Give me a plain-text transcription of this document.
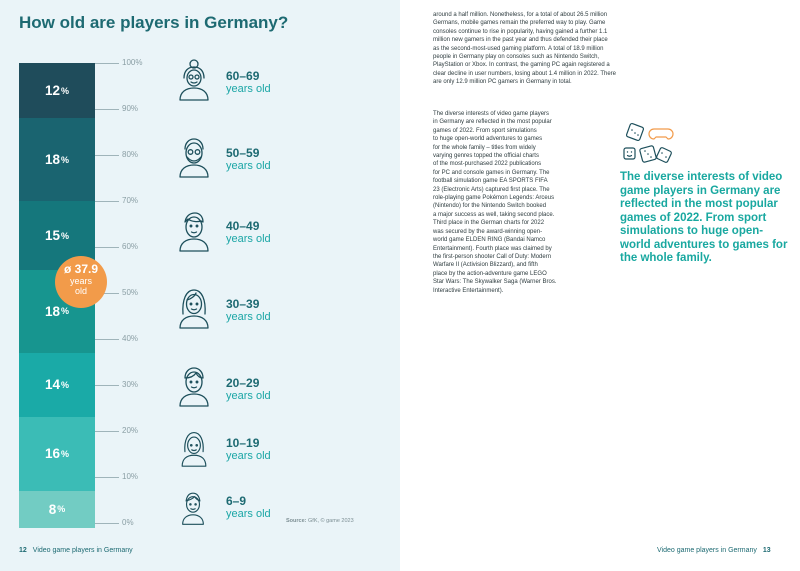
How old are players in Germany?
12 %
18 %
15 %
18 %
14 %
16 %
8 %
0%
10%
20%
30%
40%
50%
60%
70%
80%
90%
100%
ø 37.9
years
old
60–69
years old
50–59
years old
40–49
years old
30–39
years old
20–29
years old
10–19
years old
6–9
years old
Source: GfK, © game 2023
12 Video game players in Germany

around a half million. Nonetheless, for a total of about 26.5 million
Germans, mobile games remain the preferred way to play. Game
consoles continue to rise in popularity, having gained a further 1.1
million new gamers in the past year and thus defended their place
as the second-most-used gaming platform. A total of 18.9 million
people in Germany play on consoles such as Nintendo Switch,
PlayStation or Xbox. In contrast, the gaming PC again registered a
clear decline in user numbers, losing about 1.4 million in 2022. There
are only 12.9 million PC gamers in Germany in total.

The diverse interests of video game players
in Germany are reflected in the most popular
games of 2022. From sport simulations
to huge open-world adventures to games
for the whole family – titles from widely
varying genres topped the official charts
of the most-purchased 2022 publications
for PC and console games in Germany. The
football simulation game EA SPORTS FIFA
23 (Electronic Arts) captured first place. The
role-playing game Pokémon Legends: Arceus
(Nintendo) for the Nintendo Switch booked
a major success as well, taking second place.
Third place in the German charts for 2022
was secured by the award-winning open-
world game ELDEN RING (Bandai Namco
Entertainment). Fourth place was claimed by
the first-person shooter Call of Duty: Modern
Warfare II (Activision Blizzard), and fifth
place by the action-adventure game LEGO
Star Wars: The Skywalker Saga (Warner Bros.
Interactive Entertainment).

Video game players in Germany 13

The diverse interests of video game players in Germany are reflected in the most popular games of 2022. From sport simulations to huge open-world adventures to games for the whole family.
